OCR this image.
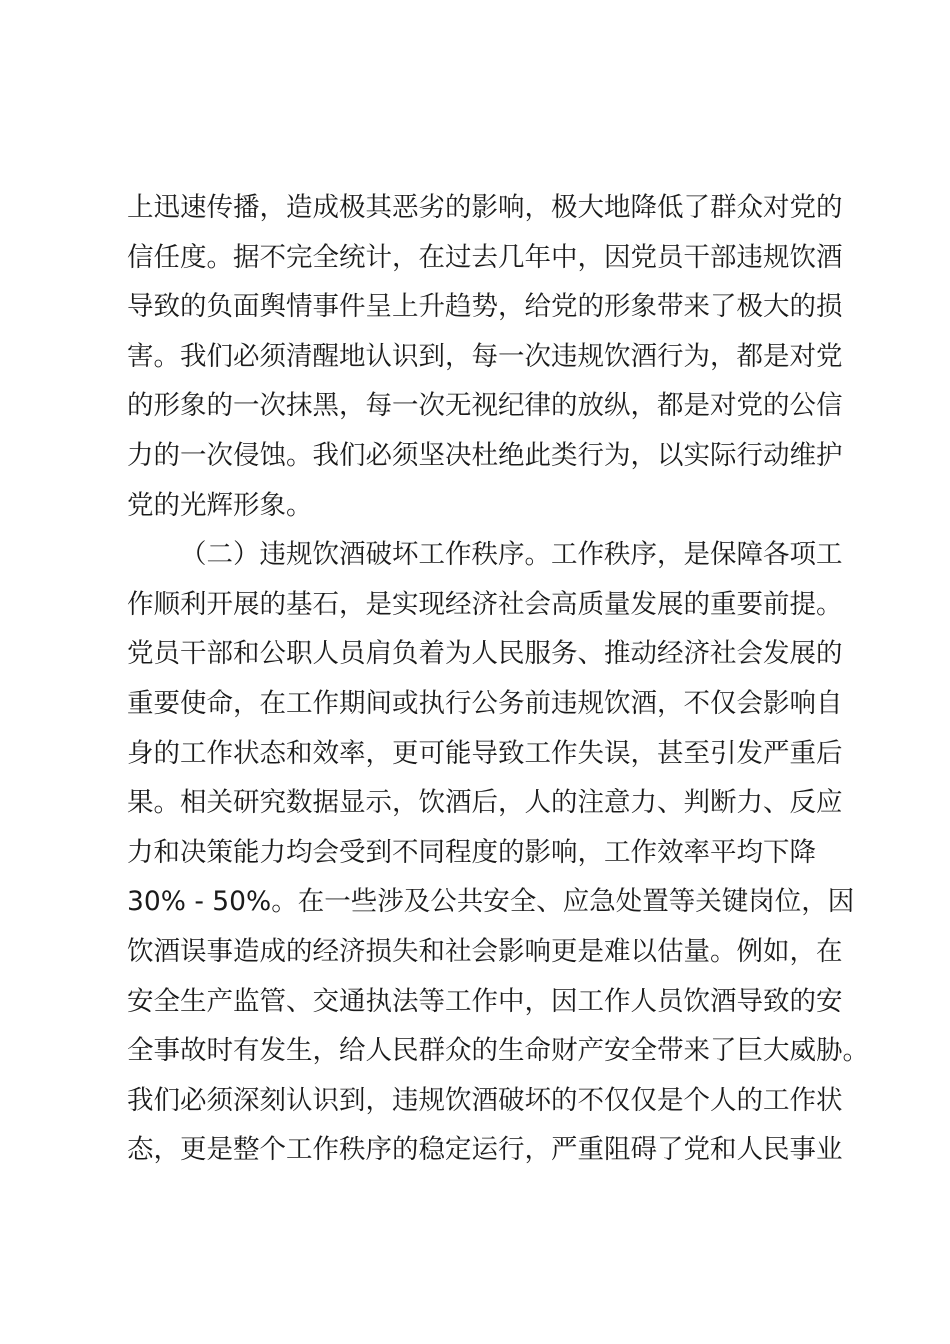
上迅速传播，造成极其恶劣的影响，极大地降低了群众对党的
信任度。据不完全统计，在过去几年中，因党员干部违规饮酒
导致的负面舆情事件呈上升趋势，给党的形象带来了极大的损
害。我们必须清醒地认识到，每一次违规饮酒行为，都是对党
的形象的一次抹黑，每一次无视纪律的放纵，都是对党的公信
力的一次侵蚀。我们必须坚决杜绝此类行为，以实际行动维护
党的光辉形象。
（二）违规饮酒破坏工作秩序。工作秩序，是保障各项工
作顺利开展的基石，是实现经济社会高质量发展的重要前提。
党员干部和公职人员肩负着为人民服务、推动经济社会发展的
重要使命，在工作期间或执行公务前违规饮酒，不仅会影响自
身的工作状态和效率，更可能导致工作失误，甚至引发严重后
果。相关研究数据显示，饮酒后，人的注意力、判断力、反应
力和决策能力均会受到不同程度的影响，工作效率平均下降
30% - 50%。在一些涉及公共安全、应急处置等关键岗位，因
饮酒误事造成的经济损失和社会影响更是难以估量。例如，在
安全生产监管、交通执法等工作中，因工作人员饮酒导致的安
全事故时有发生，给人民群众的生命财产安全带来了巨大威胁。
我们必须深刻认识到，违规饮酒破坏的不仅仅是个人的工作状
态，更是整个工作秩序的稳定运行，严重阻碍了党和人民事业
